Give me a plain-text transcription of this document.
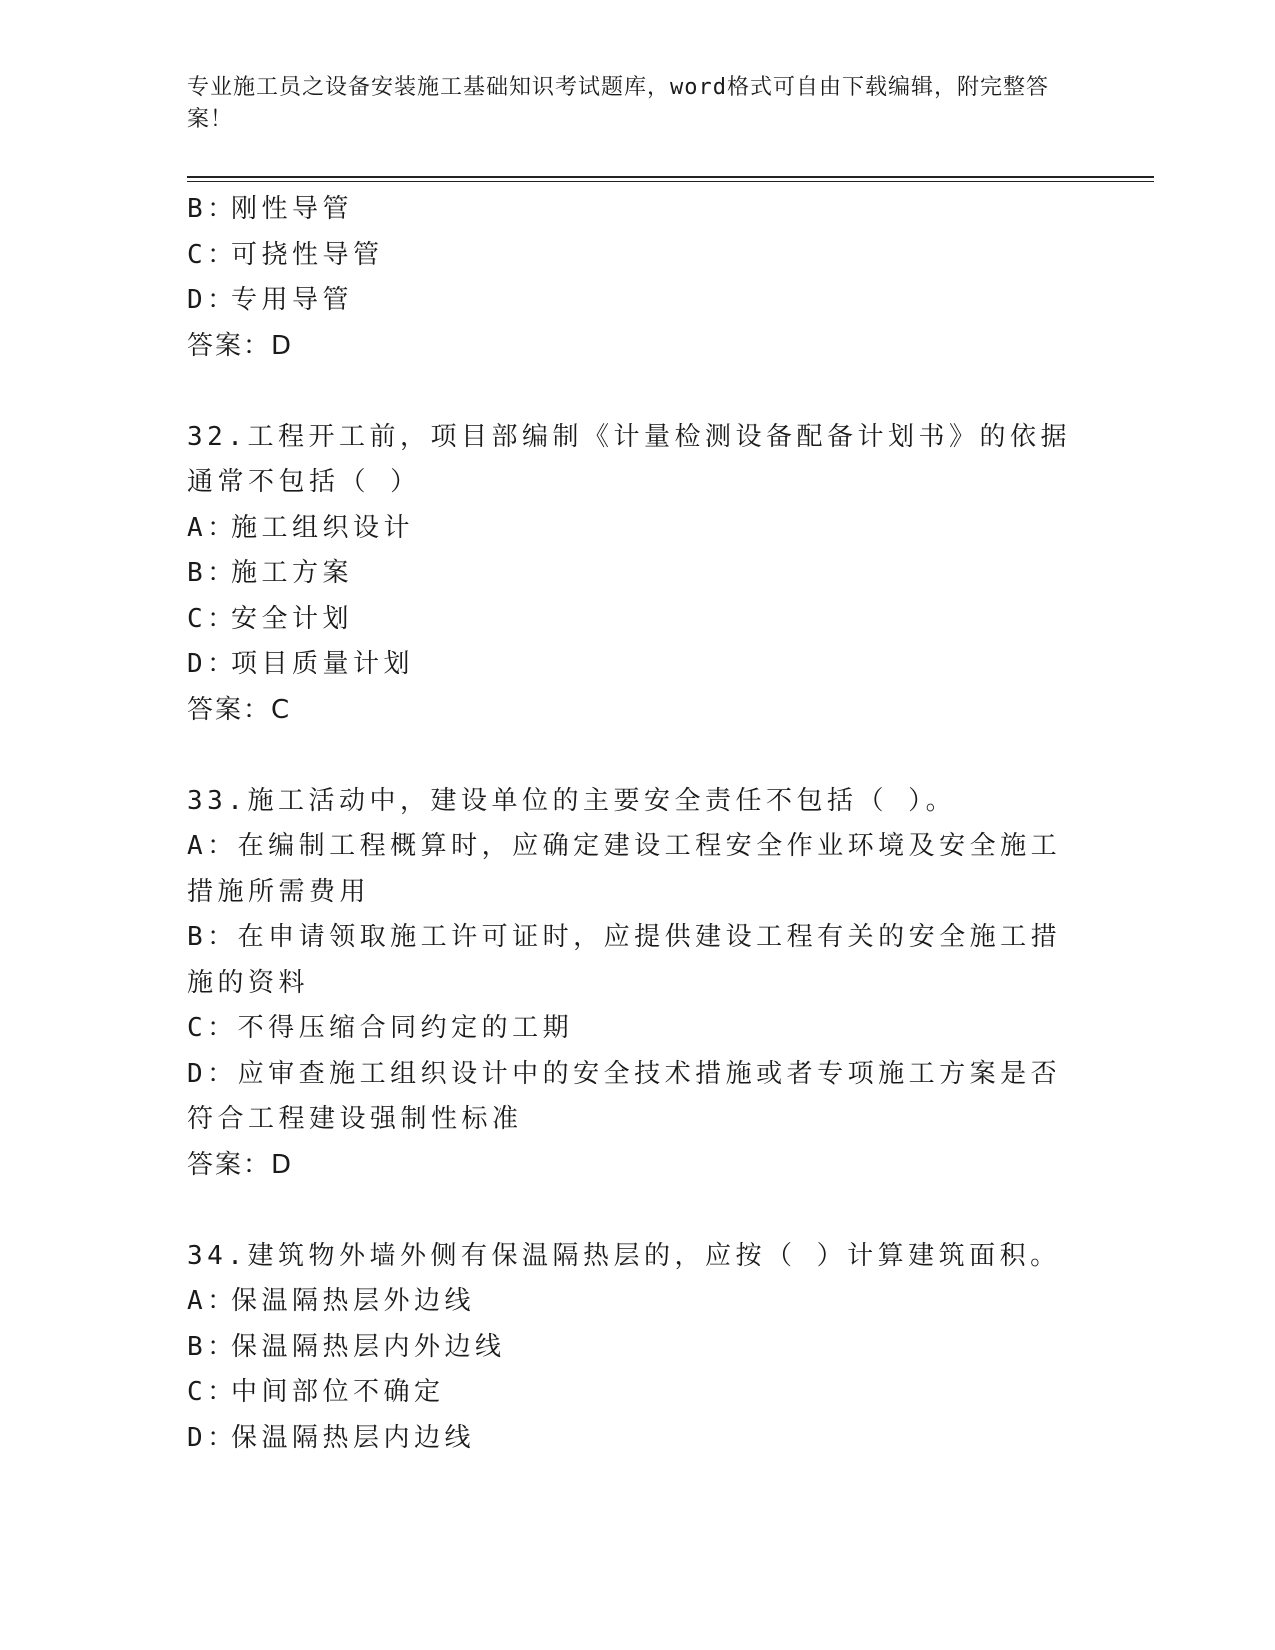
专业施工员之设备安装施工基础知识考试题库，word格式可自由下载编辑，附完整答案！
B：
刚性导管
C：
可挠性导管
D：
专用导管
答案：D
32.工程开工前，项目部编制《计量检测设备配备计划书》的依据通常不包括（ ）
A：
施工组织设计
B：
施工方案
C：
安全计划
D：
项目质量计划
答案：C
33.施工活动中，建设单位的主要安全责任不包括（ ）。
A：在编制工程概算时，应确定建设工程安全作业环境及安全施工措施所需费用
B：在申请领取施工许可证时，应提供建设工程有关的安全施工措施的资料
C：不得压缩合同约定的工期
D：应审查施工组织设计中的安全技术措施或者专项施工方案是否符合工程建设强制性标准
答案：D
34.建筑物外墙外侧有保温隔热层的，应按（ ）计算建筑面积。
A：
保温隔热层外边线
B：
保温隔热层内外边线
C：
中间部位不确定
D：
保温隔热层内边线
